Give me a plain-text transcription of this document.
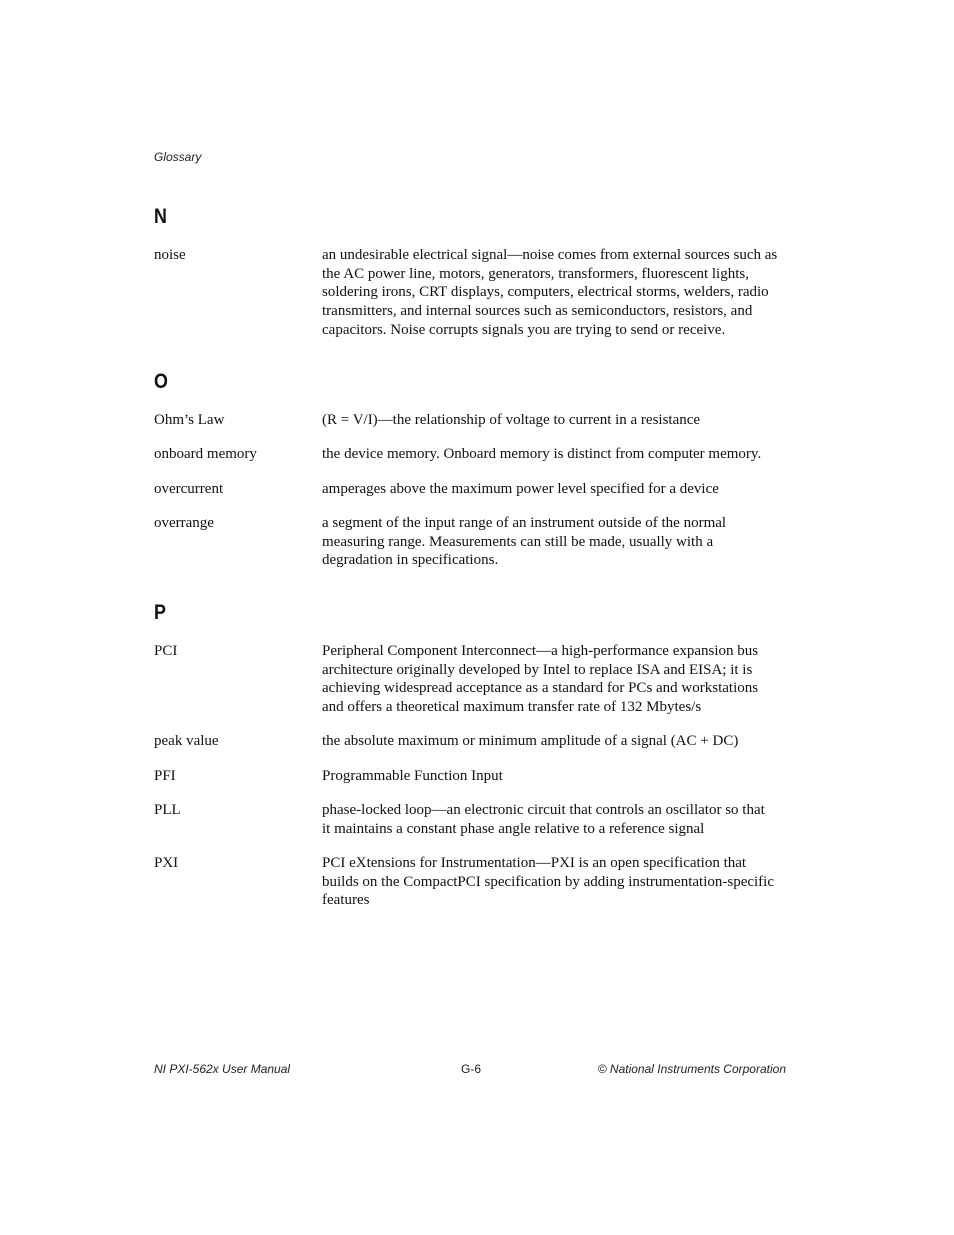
Glossary
N
noise	an undesirable electrical signal—noise comes from external sources such as
the AC power line, motors, generators, transformers, fluorescent lights,
soldering irons, CRT displays, computers, electrical storms, welders, radio
transmitters, and internal sources such as semiconductors, resistors, and
capacitors. Noise corrupts signals you are trying to send or receive.
O
Ohm’s Law	(R = V/I)—the relationship of voltage to current in a resistance
onboard memory	the device memory. Onboard memory is distinct from computer memory.
overcurrent	amperages above the maximum power level specified for a device
overrange	a segment of the input range of an instrument outside of the normal
measuring range. Measurements can still be made, usually with a
degradation in specifications.
P
PCI	Peripheral Component Interconnect—a high-performance expansion bus
architecture originally developed by Intel to replace ISA and EISA; it is
achieving widespread acceptance as a standard for PCs and workstations
and offers a theoretical maximum transfer rate of 132 Mbytes/s
peak value	the absolute maximum or minimum amplitude of a signal (AC + DC)
PFI	Programmable Function Input
PLL	phase-locked loop—an electronic circuit that controls an oscillator so that
it maintains a constant phase angle relative to a reference signal
PXI	PCI eXtensions for Instrumentation—PXI is an open specification that
builds on the CompactPCI specification by adding instrumentation-specific
features
NI PXI-562x User Manual	G-6	© National Instruments Corporation
